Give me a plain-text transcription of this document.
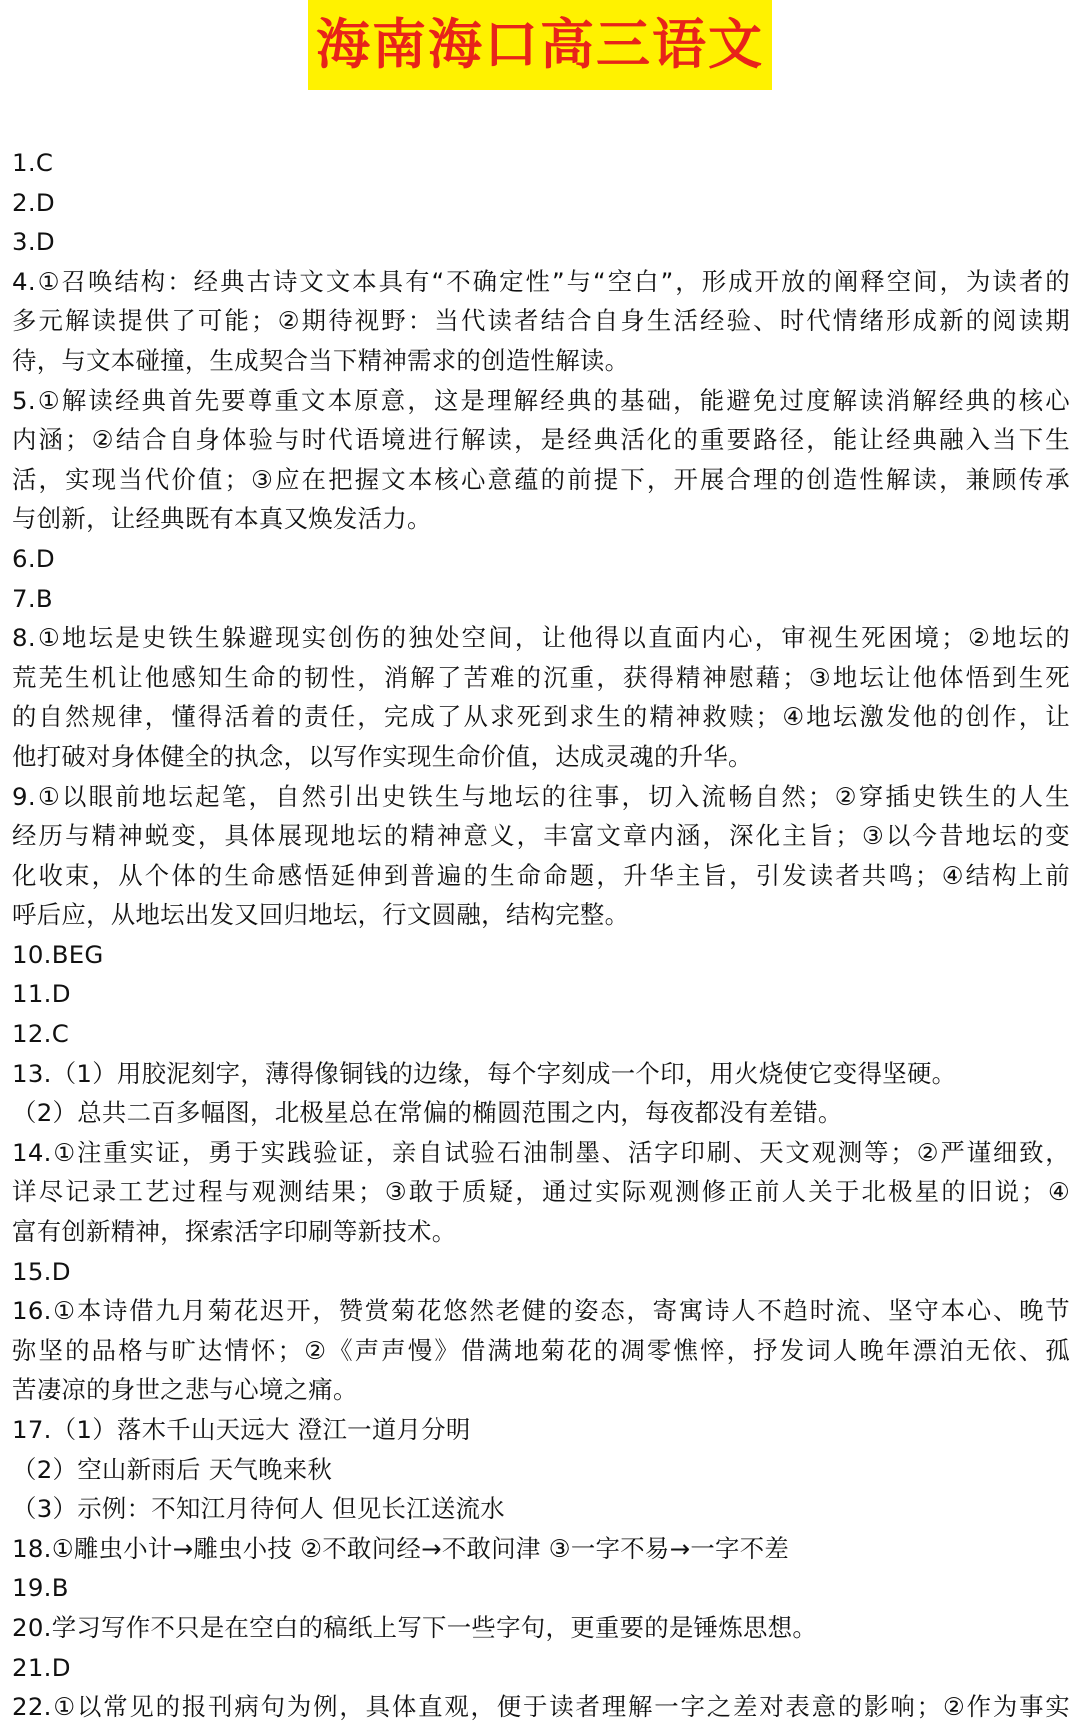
海南海口高三语文
1.C
2.D
3.D
4.①召唤结构：经典古诗文文本具有“不确定性”与“空白”，形成开放的阐释空间，为读者的
多元解读提供了可能；②期待视野：当代读者结合自身生活经验、时代情绪形成新的阅读期
待，与文本碰撞，生成契合当下精神需求的创造性解读。
5.①解读经典首先要尊重文本原意，这是理解经典的基础，能避免过度解读消解经典的核心
内涵；②结合自身体验与时代语境进行解读，是经典活化的重要路径，能让经典融入当下生
活，实现当代价值；③应在把握文本核心意蕴的前提下，开展合理的创造性解读，兼顾传承
与创新，让经典既有本真又焕发活力。
6.D
7.B
8.①地坛是史铁生躲避现实创伤的独处空间，让他得以直面内心，审视生死困境；②地坛的
荒芜生机让他感知生命的韧性，消解了苦难的沉重，获得精神慰藉；③地坛让他体悟到生死
的自然规律，懂得活着的责任，完成了从求死到求生的精神救赎；④地坛激发他的创作，让
他打破对身体健全的执念，以写作实现生命价值，达成灵魂的升华。
9.①以眼前地坛起笔，自然引出史铁生与地坛的往事，切入流畅自然；②穿插史铁生的人生
经历与精神蜕变，具体展现地坛的精神意义，丰富文章内涵，深化主旨；③以今昔地坛的变
化收束，从个体的生命感悟延伸到普遍的生命命题，升华主旨，引发读者共鸣；④结构上前
呼后应，从地坛出发又回归地坛，行文圆融，结构完整。
10.BEG
11.D
12.C
13.（1）用胶泥刻字，薄得像铜钱的边缘，每个字刻成一个印，用火烧使它变得坚硬。
（2）总共二百多幅图，北极星总在常偏的椭圆范围之内，每夜都没有差错。
14.①注重实证，勇于实践验证，亲自试验石油制墨、活字印刷、天文观测等；②严谨细致，
详尽记录工艺过程与观测结果；③敢于质疑，通过实际观测修正前人关于北极星的旧说；④
富有创新精神，探索活字印刷等新技术。
15.D
16.①本诗借九月菊花迟开，赞赏菊花悠然老健的姿态，寄寓诗人不趋时流、坚守本心、晚节
弥坚的品格与旷达情怀；②《声声慢》借满地菊花的凋零憔悴，抒发词人晚年漂泊无依、孤
苦凄凉的身世之悲与心境之痛。
17.（1）落木千山天远大 澄江一道月分明
（2）空山新雨后 天气晚来秋
（3）示例：不知江月待何人 但见长江送流水
18.①雕虫小计→雕虫小技 ②不敢问经→不敢问津 ③一字不易→一字不差
19.B
20.学习写作不只是在空白的稿纸上写下一些字句，更重要的是锤炼思想。
21.D
22.①以常见的报刊病句为例，具体直观，便于读者理解一字之差对表意的影响；②作为事实
